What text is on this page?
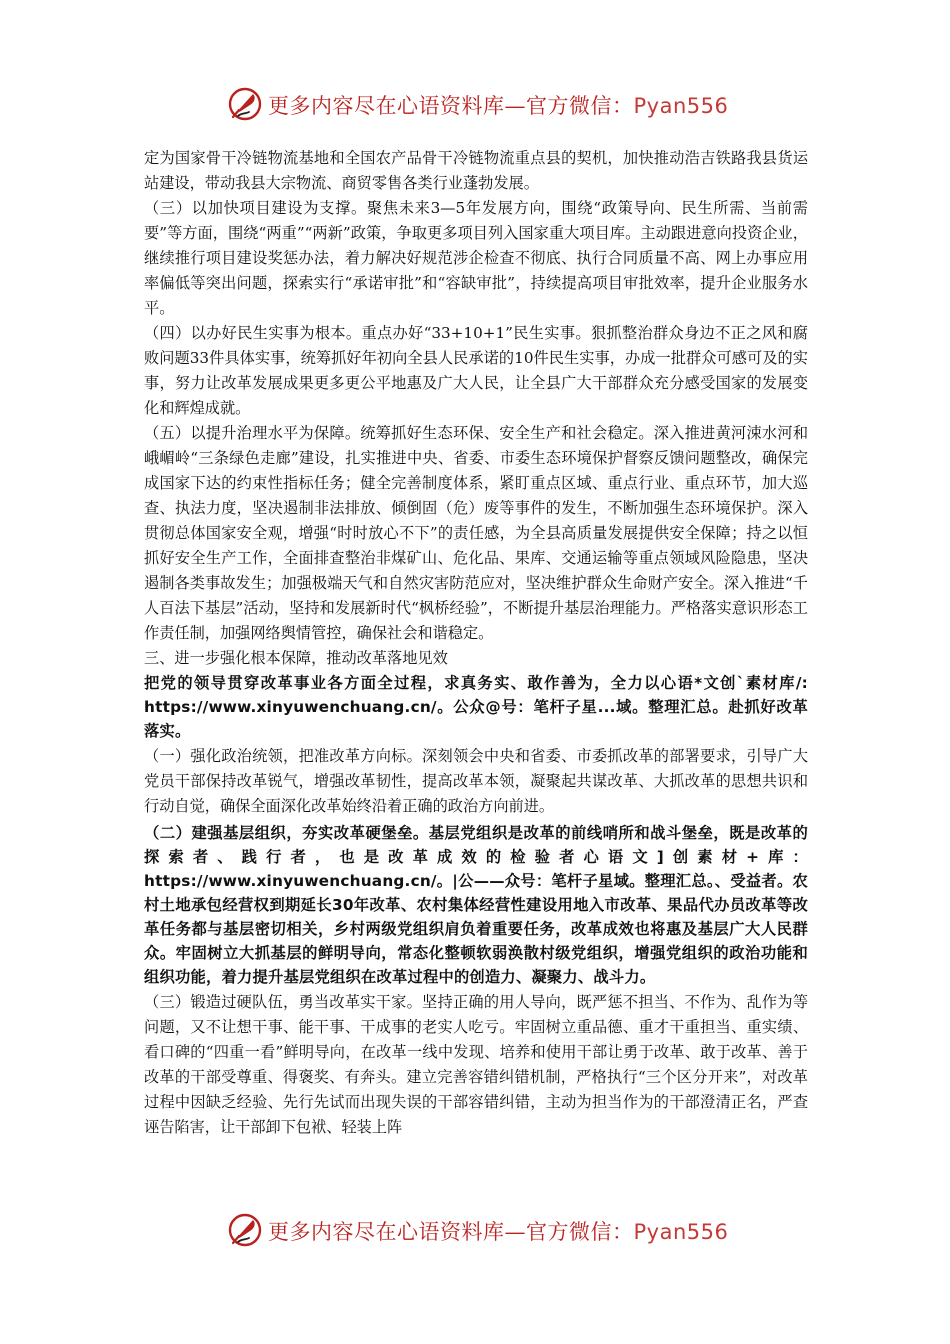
更多内容尽在心语资料库—官方微信：Pyan556

定为国家骨干冷链物流基地和全国农产品骨干冷链物流重点县的契机，加快推动浩吉铁路我县货运站建设，带动我县大宗物流、商贸零售各类行业蓬勃发展。

（三）以加快项目建设为支撑。聚焦未来3—5年发展方向，围绕“政策导向、民生所需、当前需要”等方面，围绕“两重”“两新”政策，争取更多项目列入国家重大项目库。主动跟进意向投资企业，继续推行项目建设奖惩办法，着力解决好规范涉企检查不彻底、执行合同质量不高、网上办事应用率偏低等突出问题，探索实行“承诺审批”和“容缺审批”，持续提高项目审批效率，提升企业服务水平。

（四）以办好民生实事为根本。重点办好“33+10+1”民生实事。狠抓整治群众身边不正之风和腐败问题33件具体实事，统筹抓好年初向全县人民承诺的10件民生实事，办成一批群众可感可及的实事，努力让改革发展成果更多更公平地惠及广大人民，让全县广大干部群众充分感受国家的发展变化和辉煌成就。

（五）以提升治理水平为保障。统筹抓好生态环保、安全生产和社会稳定。深入推进黄河涑水河和峨嵋岭“三条绿色走廊”建设，扎实推进中央、省委、市委生态环境保护督察反馈问题整改，确保完成国家下达的约束性指标任务；健全完善制度体系，紧盯重点区域、重点行业、重点环节，加大巡查、执法力度，坚决遏制非法排放、倾倒固（危）废等事件的发生，不断加强生态环境保护。深入贯彻总体国家安全观，增强“时时放心不下”的责任感，为全县高质量发展提供安全保障；持之以恒抓好安全生产工作，全面排查整治非煤矿山、危化品、果库、交通运输等重点领域风险隐患，坚决遏制各类事故发生；加强极端天气和自然灾害防范应对，坚决维护群众生命财产安全。深入推进“千人百法下基层”活动，坚持和发展新时代“枫桥经验”，不断提升基层治理能力。严格落实意识形态工作责任制，加强网络舆情管控，确保社会和谐稳定。

三、进一步强化根本保障，推动改革落地见效

把党的领导贯穿改革事业各方面全过程，求真务实、敢作善为，全力以心语*文创`素材库/: https://www.xinyuwenchuang.cn/。公众@号：笔杆子星...域。整理汇总。赴抓好改革落实。

（一）强化政治统领，把准改革方向标。深刻领会中央和省委、市委抓改革的部署要求，引导广大党员干部保持改革锐气，增强改革韧性，提高改革本领，凝聚起共谋改革、大抓改革的思想共识和行动自觉，确保全面深化改革始终沿着正确的政治方向前进。

（二）建强基层组织，夯实改革硬堡垒。基层党组织是改革的前线哨所和战斗堡垒，既是改革的探索者、践行者，也是改革成效的检验者心语文]创素材+库：https://www.xinyuwenchuang.cn/。|公——众号：笔杆子星域。整理汇总。、受益者。农村土地承包经营权到期延长30年改革、农村集体经营性建设用地入市改革、果品代办员改革等改革任务都与基层密切相关，乡村两级党组织肩负着重要任务，改革成效也将惠及基层广大人民群众。牢固树立大抓基层的鲜明导向，常态化整顿软弱涣散村级党组织，增强党组织的政治功能和组织功能，着力提升基层党组织在改革过程中的创造力、凝聚力、战斗力。

（三）锻造过硬队伍，勇当改革实干家。坚持正确的用人导向，既严惩不担当、不作为、乱作为等问题，又不让想干事、能干事、干成事的老实人吃亏。牢固树立重品德、重才干重担当、重实绩、看口碑的“四重一看”鲜明导向，在改革一线中发现、培养和使用干部让勇于改革、敢于改革、善于改革的干部受尊重、得褒奖、有奔头。建立完善容错纠错机制，严格执行“三个区分开来”，对改革过程中因缺乏经验、先行先试而出现失误的干部容错纠错，主动为担当作为的干部澄清正名，严查诬告陷害，让干部卸下包袱、轻装上阵

更多内容尽在心语资料库—官方微信：Pyan556
